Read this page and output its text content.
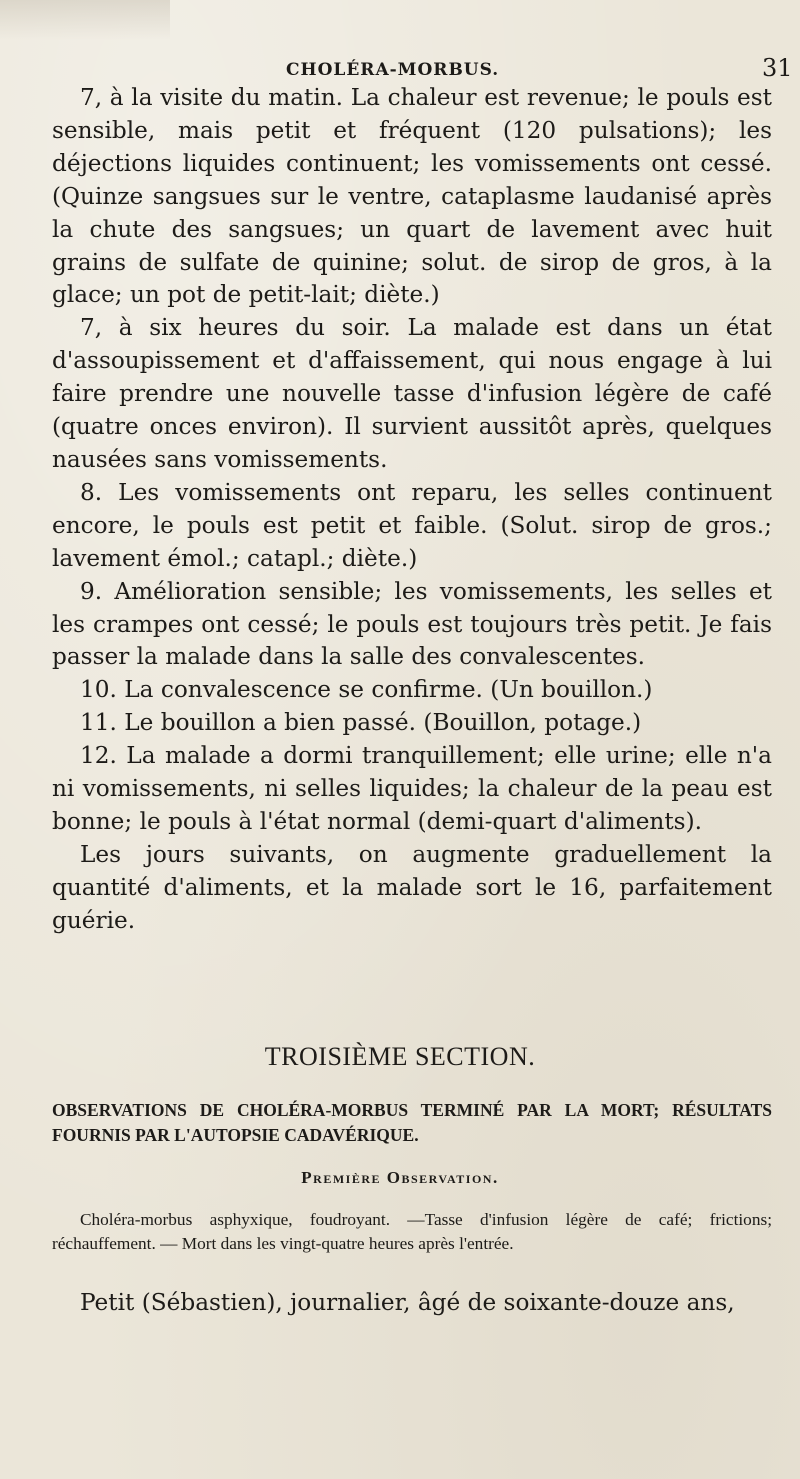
CHOLÉRA-MORBUS.	31

7, à la visite du matin. La chaleur est revenue; le pouls est sensible, mais petit et fréquent (120 pulsations); les déjections liquides continuent; les vomissements ont cessé. (Quinze sangsues sur le ventre, cataplasme laudanisé après la chute des sangsues; un quart de lavement avec huit grains de sulfate de quinine; solut. de sirop de gros, à la glace; un pot de petit-lait; diète.)

7, à six heures du soir. La malade est dans un état d'assoupissement et d'affaissement, qui nous engage à lui faire prendre une nouvelle tasse d'infusion légère de café (quatre onces environ). Il survient aussitôt après, quelques nausées sans vomissements.

8. Les vomissements ont reparu, les selles continuent encore, le pouls est petit et faible. (Solut. sirop de gros.; lavement émol.; catapl.; diète.)

9. Amélioration sensible; les vomissements, les selles et les crampes ont cessé; le pouls est toujours très petit. Je fais passer la malade dans la salle des convalescentes.

10. La convalescence se confirme. (Un bouillon.)

11. Le bouillon a bien passé. (Bouillon, potage.)

12. La malade a dormi tranquillement; elle urine; elle n'a ni vomissements, ni selles liquides; la chaleur de la peau est bonne; le pouls à l'état normal (demi-quart d'aliments).

Les jours suivants, on augmente graduellement la quantité d'aliments, et la malade sort le 16, parfaitement guérie.

TROISIÈME SECTION.
OBSERVATIONS DE CHOLÉRA-MORBUS TERMINÉ PAR LA MORT; RÉSULTATS FOURNIS PAR L'AUTOPSIE CADAVÉRIQUE.
Première Observation.
Choléra-morbus asphyxique, foudroyant. —Tasse d'infusion légère de café; frictions; réchauffement. — Mort dans les vingt-quatre heures après l'entrée.
Petit (Sébastien), journalier, âgé de soixante-douze ans,
